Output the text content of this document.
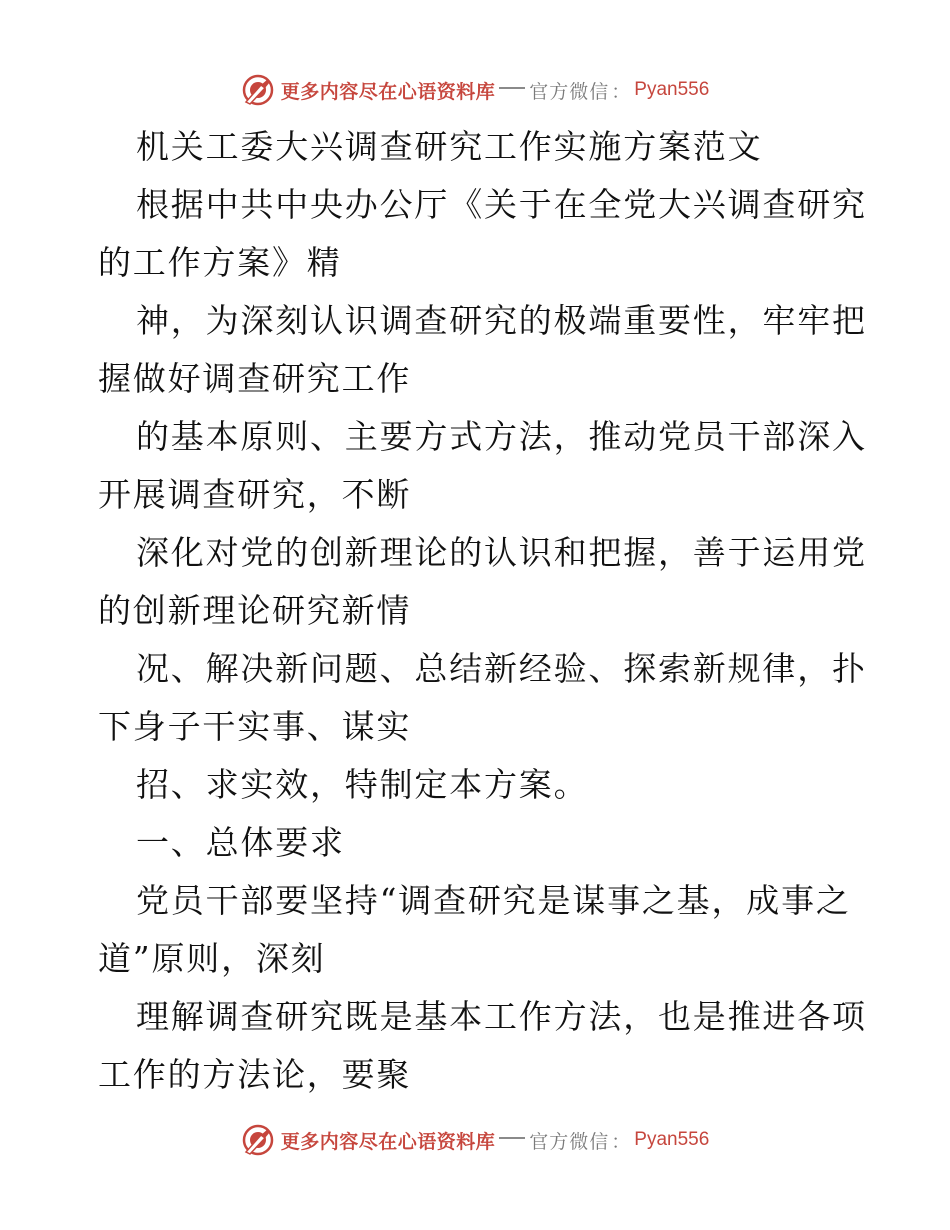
更多内容尽在心语资料库 官方微信 ： Pyan556
机关工委大兴调查研究工作实施方案范文
根据中共中央办公厅《关于在全党大兴调查研究
的工作方案》精
神，为深刻认识调查研究的极端重要性，牢牢把
握做好调查研究工作
的基本原则、主要方式方法，推动党员干部深入
开展调查研究，不断
深化对党的创新理论的认识和把握，善于运用党
的创新理论研究新情
况、解决新问题、总结新经验、探索新规律，扑
下身子干实事、谋实
招、求实效，特制定本方案。
一、总体要求
党员干部要坚持“调查研究是谋事之基，成事之
道”原则，深刻
理解调查研究既是基本工作方法，也是推进各项
工作的方法论，要聚
更多内容尽在心语资料库 官方微信 ： Pyan556
